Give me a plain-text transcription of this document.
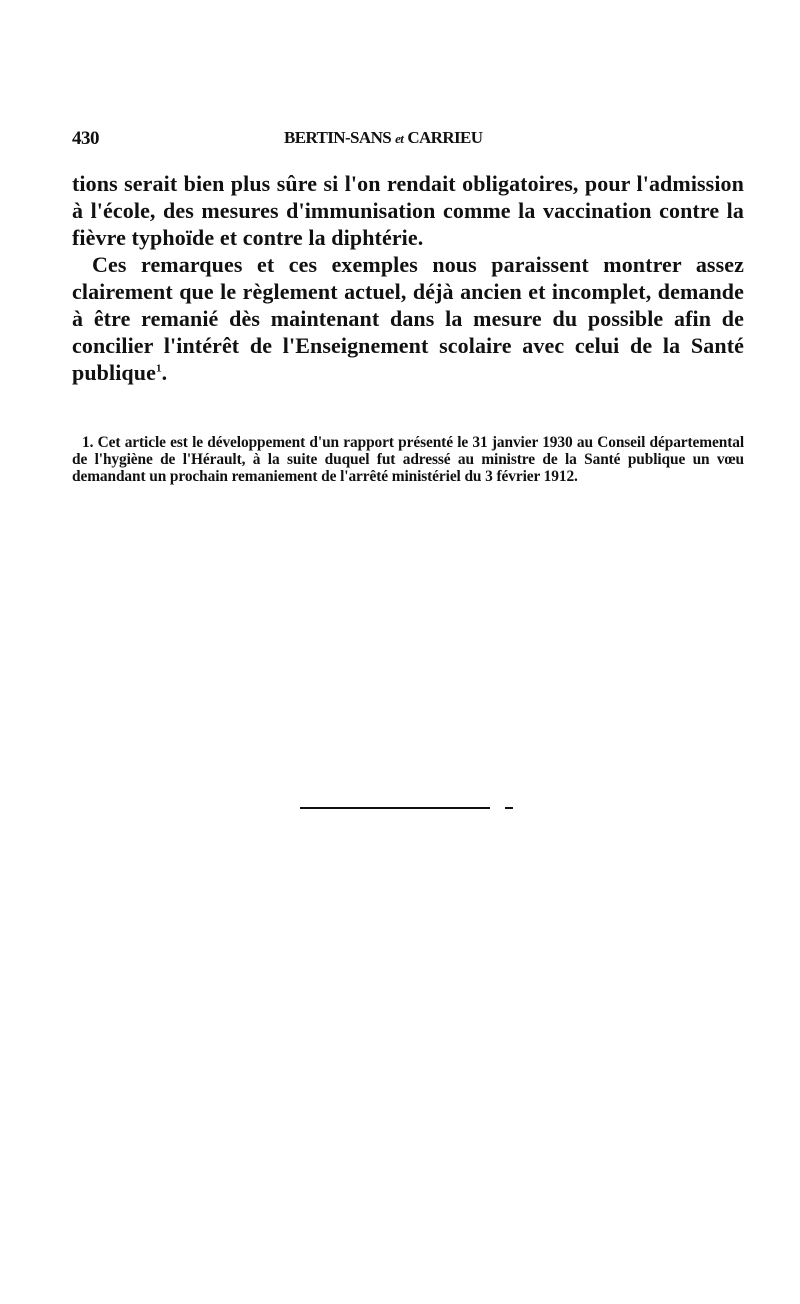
430	BERTIN-SANS et CARRIEU

tions serait bien plus sûre si l'on rendait obligatoires, pour l'admission à l'école, des mesures d'immunisation comme la vaccination contre la fièvre typhoïde et contre la diphtérie.

Ces remarques et ces exemples nous paraissent montrer assez clairement que le règlement actuel, déjà ancien et incomplet, demande à être remanié dès maintenant dans la mesure du possible afin de concilier l'intérêt de l'Enseignement scolaire avec celui de la Santé publique$^1$.

1. Cet article est le développement d'un rapport présenté le 31 janvier 1930 au Conseil départemental de l'hygiène de l'Hérault, à la suite duquel fut adressé au ministre de la Santé publique un vœu demandant un prochain remaniement de l'arrêté ministériel du 3 février 1912.
